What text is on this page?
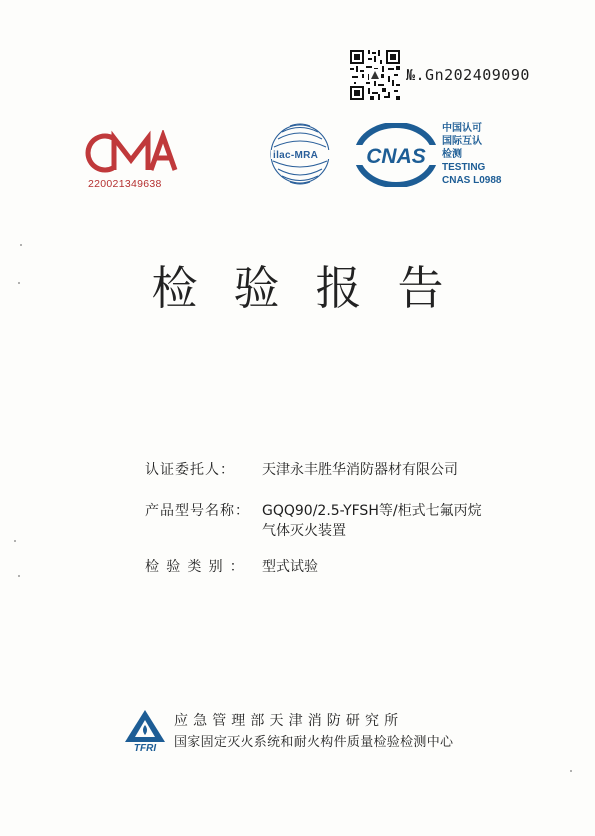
№.Gn202409090
220021349638
ilac-MRA CNAS
中国认可
国际互认
检测
TESTING
CNAS L0988
检验报告
认证委托人： 天津永丰胜华消防器材有限公司
产品型号名称： GQQ90/2.5-YFSH等/柜式七氟丙烷
气体灭火装置
检验类别： 型式试验
TFRI
应急管理部天津消防研究所
国家固定灭火系统和耐火构件质量检验检测中心
